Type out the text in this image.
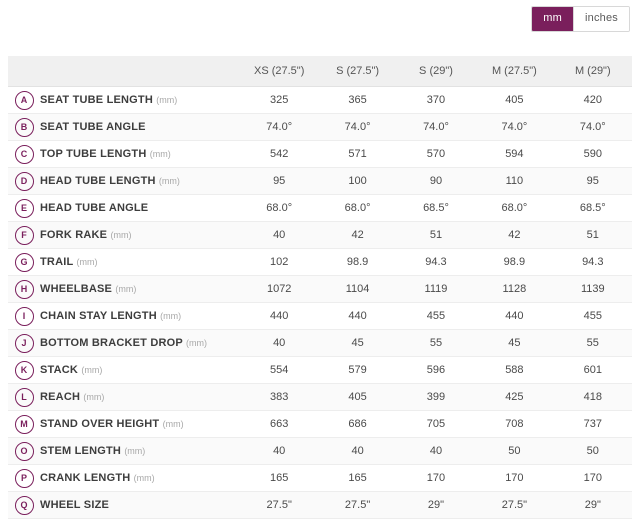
mm	inches
		XS (27.5")	S (27.5")	S (29")	M (27.5")	M (29")
A	SEAT TUBE LENGTH (mm)	325	365	370	405	420
B	SEAT TUBE ANGLE	74.0°	74.0°	74.0°	74.0°	74.0°
C	TOP TUBE LENGTH (mm)	542	571	570	594	590
D	HEAD TUBE LENGTH (mm)	95	100	90	110	95
E	HEAD TUBE ANGLE	68.0°	68.0°	68.5°	68.0°	68.5°
F	FORK RAKE (mm)	40	42	51	42	51
G	TRAIL (mm)	102	98.9	94.3	98.9	94.3
H	WHEELBASE (mm)	1072	1104	1119	1128	1139
I	CHAIN STAY LENGTH (mm)	440	440	455	440	455
J	BOTTOM BRACKET DROP (mm)	40	45	55	45	55
K	STACK (mm)	554	579	596	588	601
L	REACH (mm)	383	405	399	425	418
M	STAND OVER HEIGHT (mm)	663	686	705	708	737
O	STEM LENGTH (mm)	40	40	40	50	50
P	CRANK LENGTH (mm)	165	165	170	170	170
Q	WHEEL SIZE	27.5"	27.5"	29"	27.5"	29"
